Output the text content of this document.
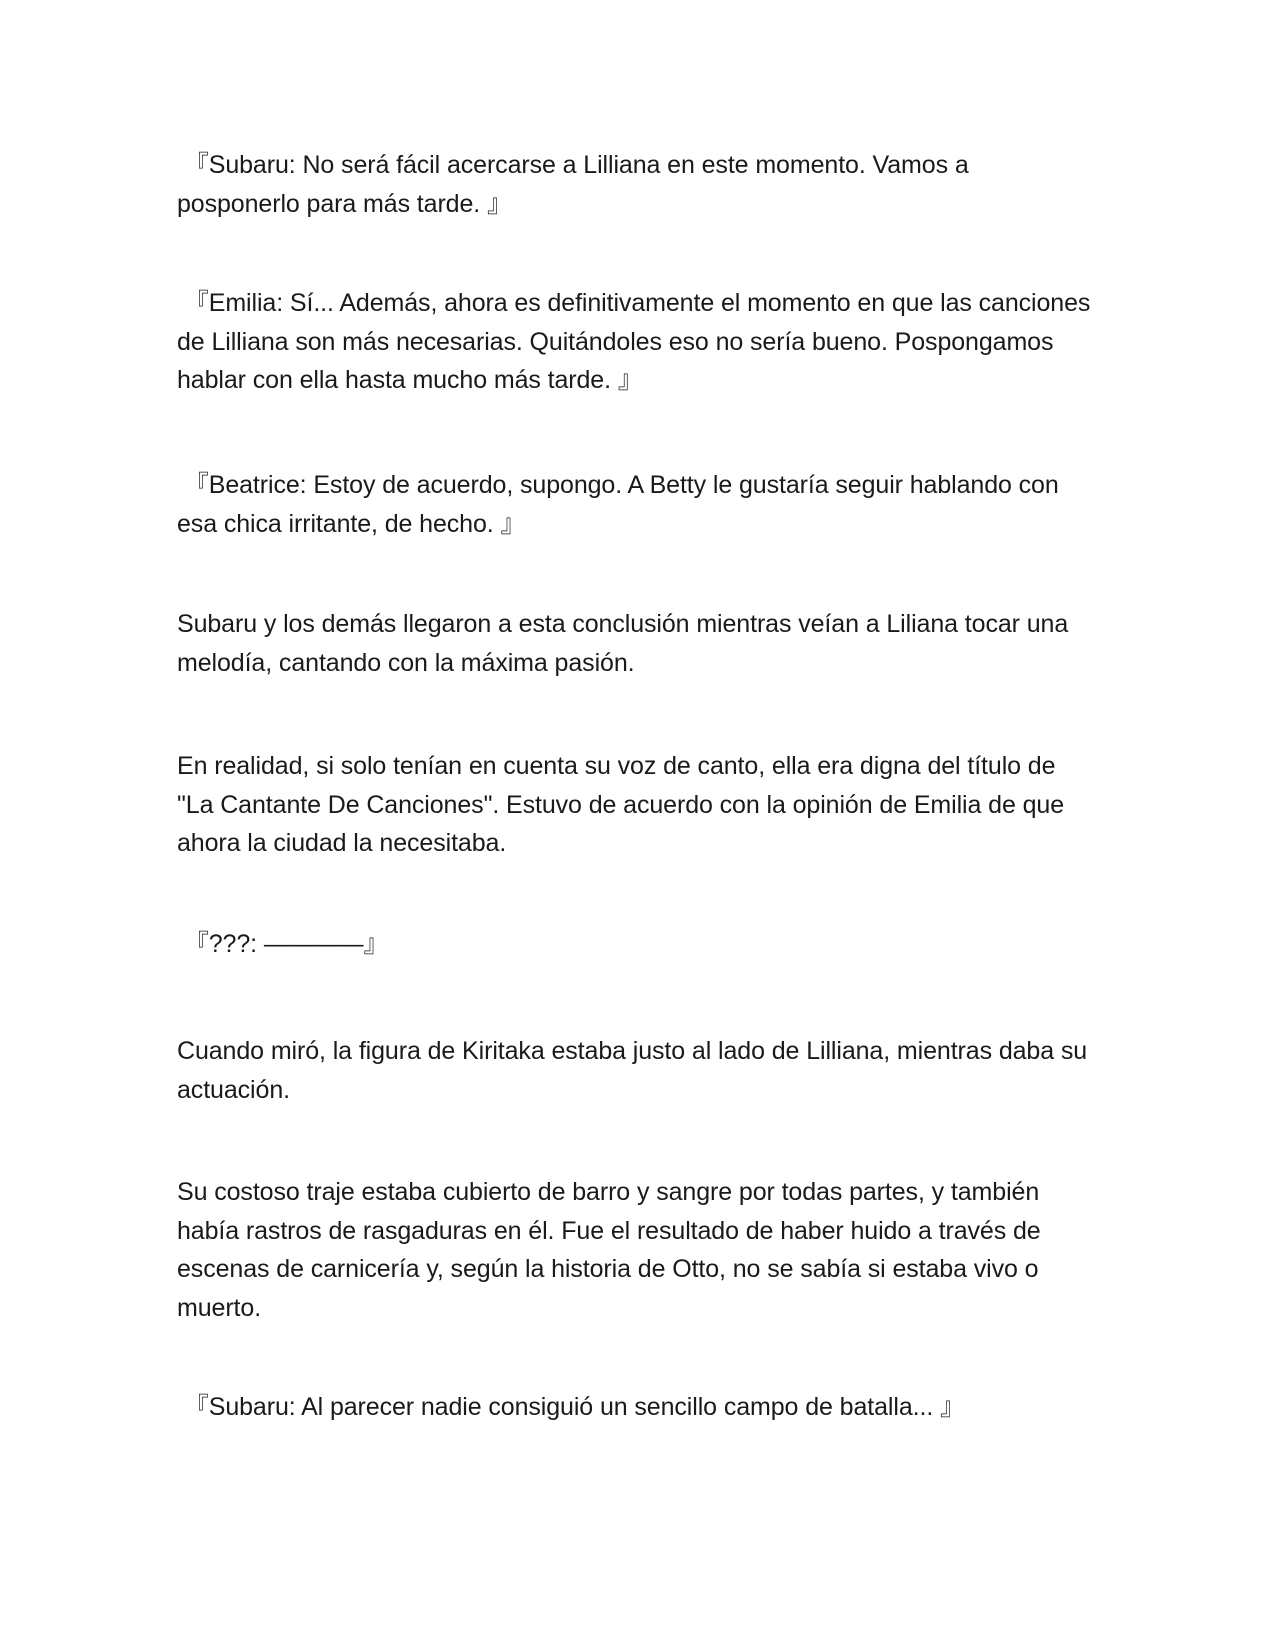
『Subaru: No será fácil acercarse a Lilliana en este momento. Vamos a posponerlo para más tarde. 』

『Emilia: Sí... Además, ahora es definitivamente el momento en que las canciones de Lilliana son más necesarias. Quitándoles eso no sería bueno. Pospongamos hablar con ella hasta mucho más tarde. 』

『Beatrice: Estoy de acuerdo, supongo. A Betty le gustaría seguir hablando con esa chica irritante, de hecho. 』

Subaru y los demás llegaron a esta conclusión mientras veían a Liliana tocar una melodía, cantando con la máxima pasión.

En realidad, si solo tenían en cuenta su voz de canto, ella era digna del título de "La Cantante De Canciones". Estuvo de acuerdo con la opinión de Emilia de que ahora la ciudad la necesitaba.

『???: ――――』

Cuando miró, la figura de Kiritaka estaba justo al lado de Lilliana, mientras daba su actuación.

Su costoso traje estaba cubierto de barro y sangre por todas partes, y también había rastros de rasgaduras en él. Fue el resultado de haber huido a través de escenas de carnicería y, según la historia de Otto, no se sabía si estaba vivo o muerto.

『Subaru: Al parecer nadie consiguió un sencillo campo de batalla... 』
